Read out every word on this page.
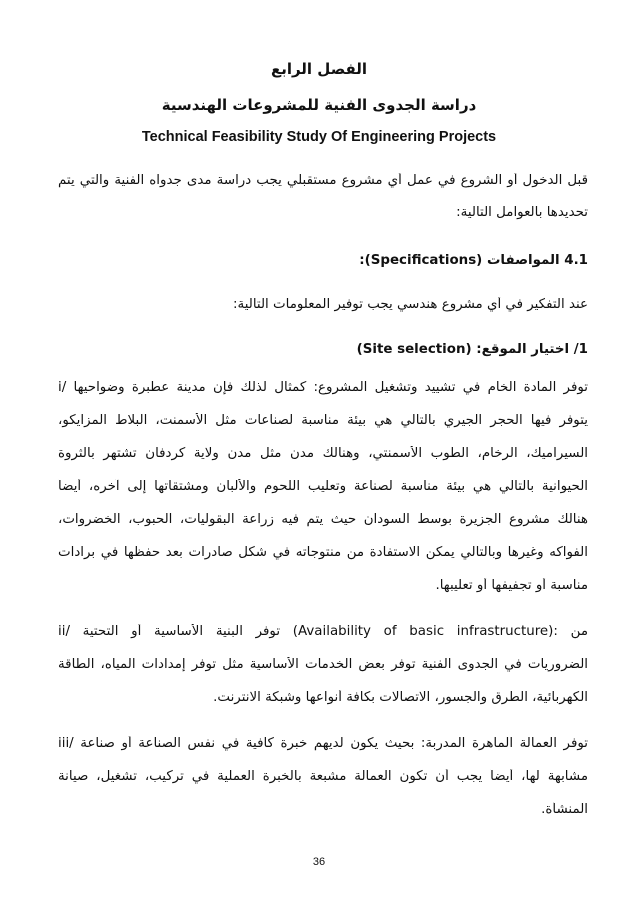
الفصل الرابع
دراسة الجدوى الفنية للمشروعات الهندسية
Technical Feasibility Study Of Engineering Projects
قبل الدخول أو الشروع في عمل أي مشروع مستقبلي يجب دراسة مدى جدواه الفنية والتي يتم
تحديدها بالعوامل التالية:
4.1 المواصفات (Specifications):
عند التفكير في أي مشروع هندسي يجب توفير المعلومات التالية:
1/ اختيار الموقع: (Site selection)
i/ توفر المادة الخام في تشييد وتشغيل المشروع: كمثال لذلك فإن مدينة عطبرة وضواحيها
يتوفر فيها الحجر الجيري بالتالي هي بيئة مناسبة لصناعات مثل الأسمنت، البلاط المزايكو،
السيراميك، الرخام، الطوب الأسمنتي، وهنالك مدن مثل مدن ولاية كردفان تشتهر بالثروة
الحيوانية بالتالي هي بيئة مناسبة لصناعة وتعليب اللحوم والألبان ومشتقاتها إلى آخره، أيضاً
هنالك مشروع الجزيرة بوسط السودان حيث يتم فيه زراعة البقوليات، الحبوب، الخضروات،
الفواكه وغيرها وبالتالي يمكن الاستفادة من منتوجاته في شكل صادرات بعد حفظها في برادات
مناسبة أو تجفيفها أو تعليبها.
ii/ توفر البنية الأساسية أو التحتية (Availability of basic infrastructure): من
الضروريات في الجدوى الفنية توفر بعض الخدمات الأساسية مثل توفر إمدادات المياه، الطاقة
الكهربائية، الطرق والجسور، الاتصالات بكافة أنواعها وشبكة الانترنت.
iii/ توفر العمالة الماهرة المدربة: بحيث يكون لديهم خبرة كافية في نفس الصناعة أو صناعة
مشابهة لها، أيضاً يجب أن تكون العمالة مشبعة بالخبرة العملية في تركيب، تشغيل، صيانة
المنشأة.
36
